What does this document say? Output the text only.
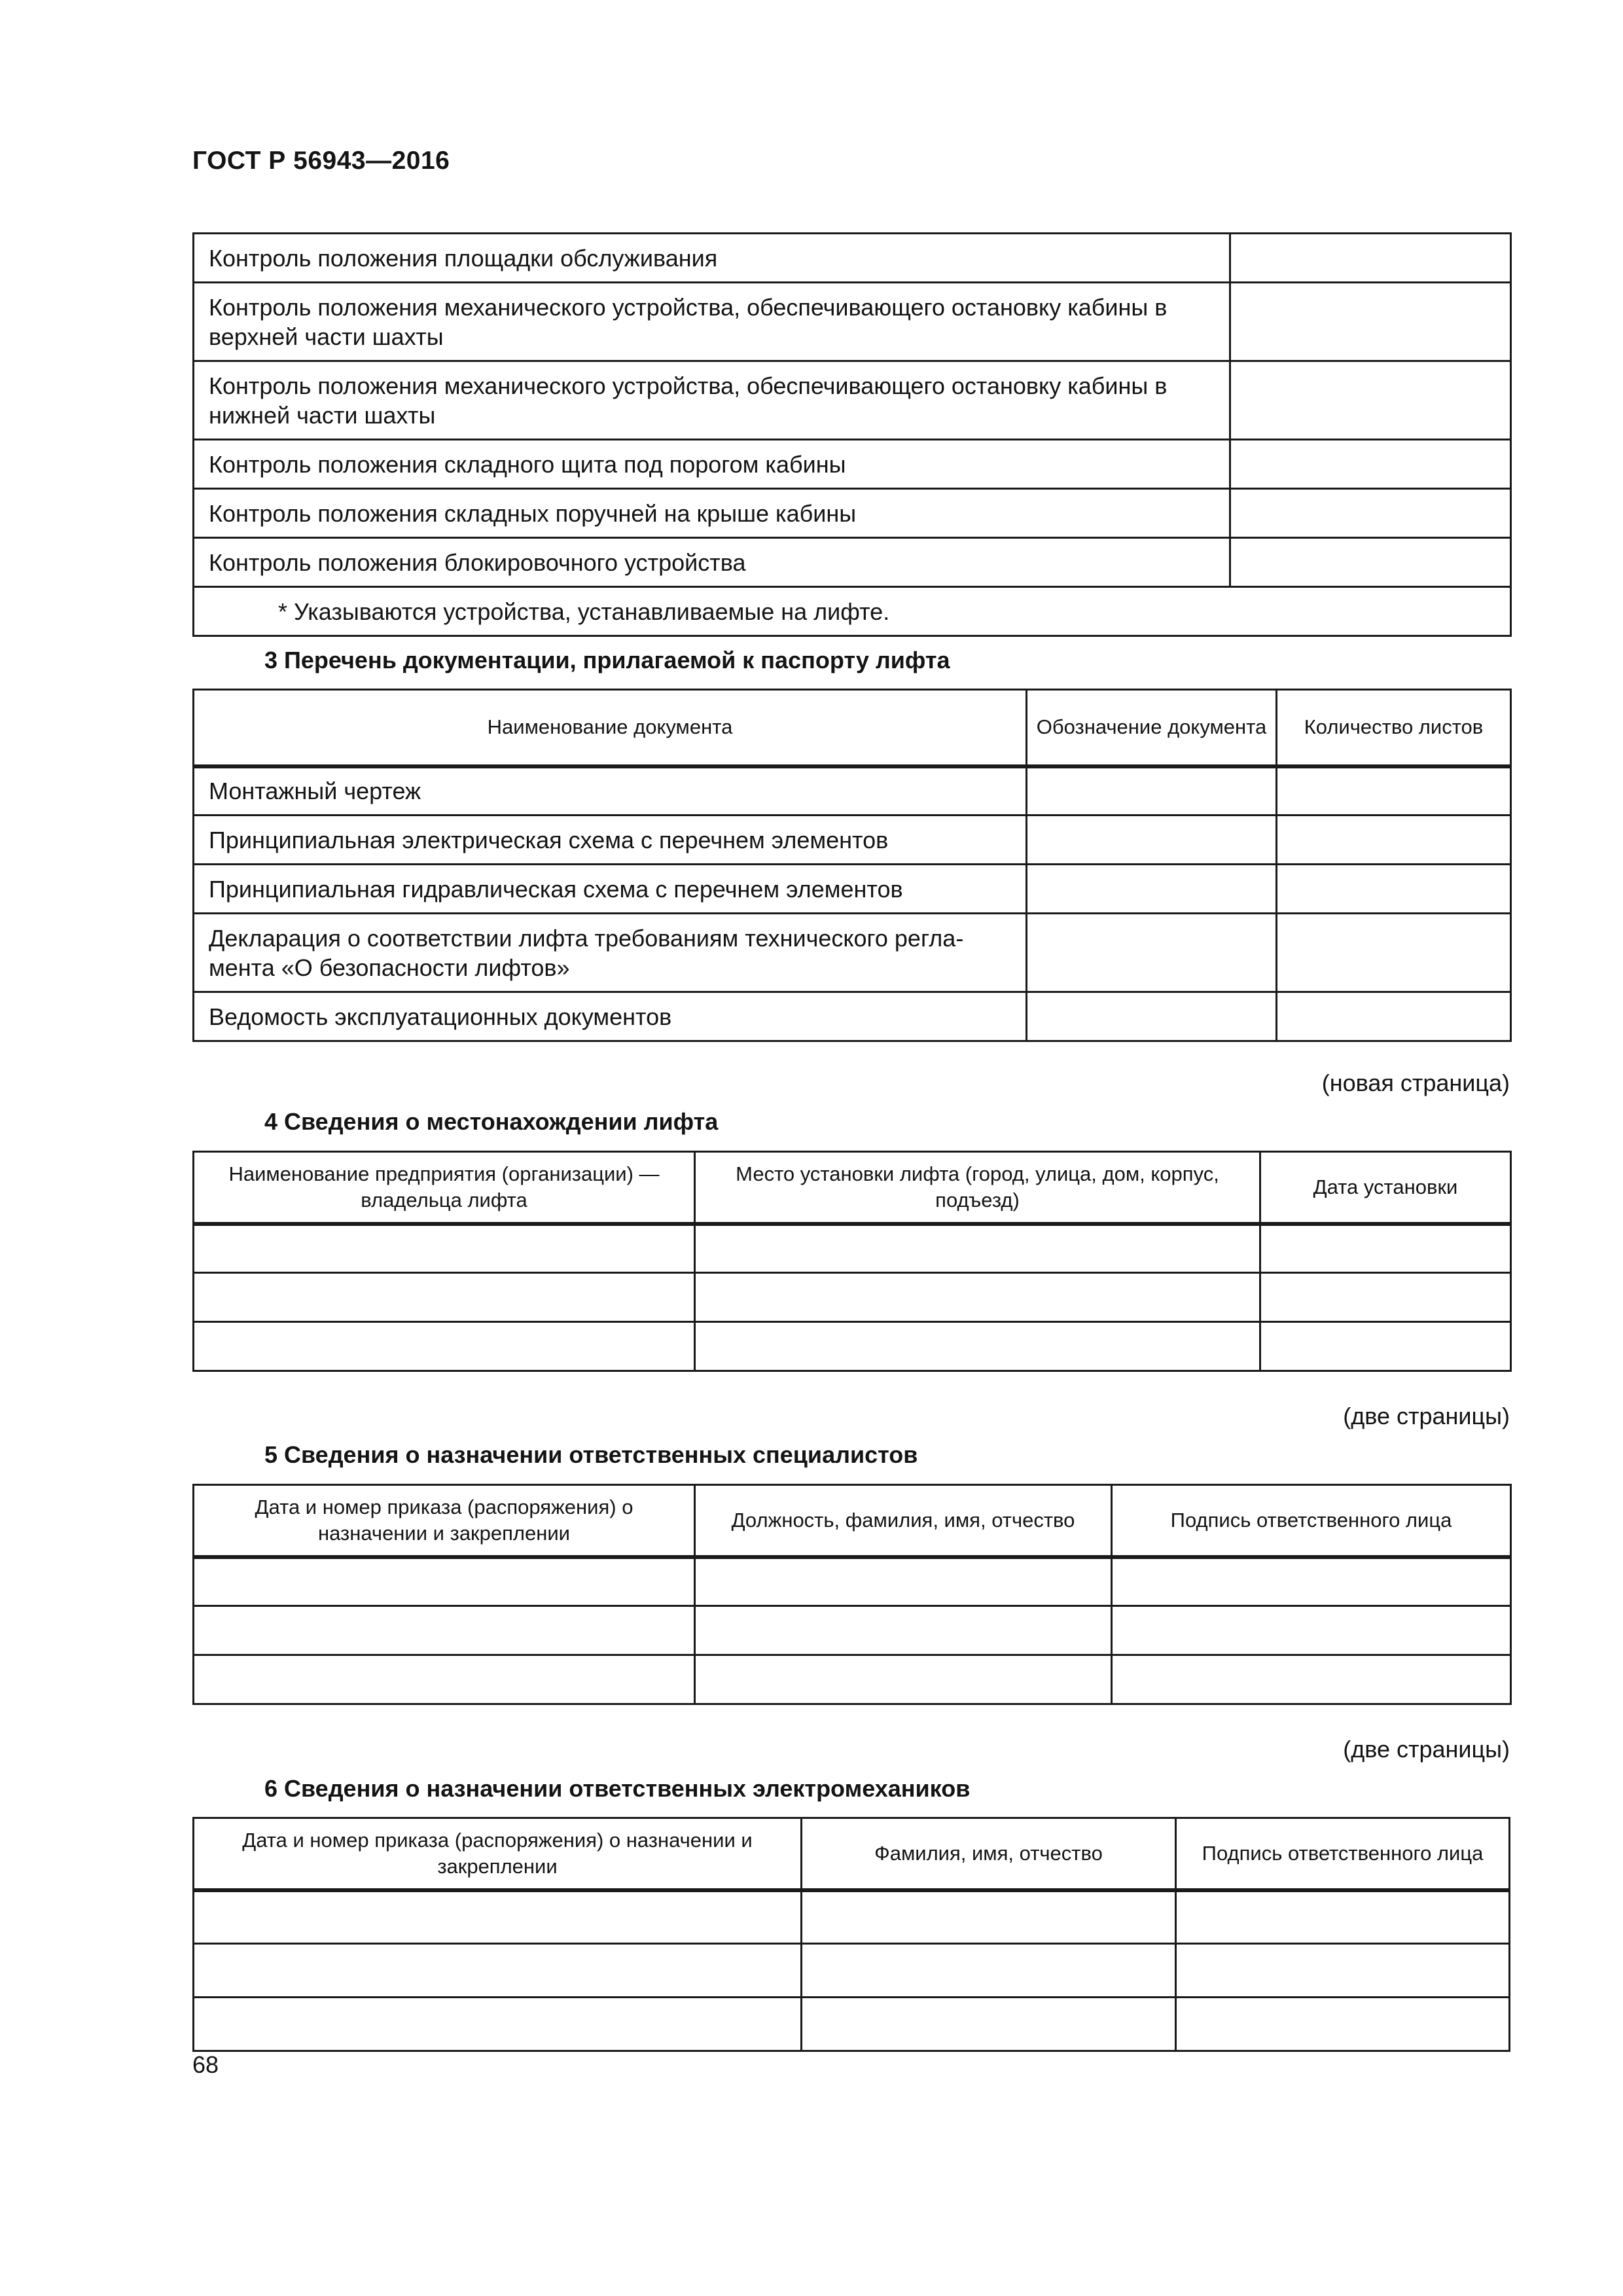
ГОСТ Р 56943—2016
Контроль положения площадки обслуживания	
Контроль положения механического устройства, обеспечивающего остановку кабины в верхней части шахты	
Контроль положения механического устройства, обеспечивающего остановку кабины в нижней части шахты	
Контроль положения складного щита под порогом кабины	
Контроль положения складных поручней на крыше кабины	
Контроль положения блокировочного устройства	
* Указываются устройства, устанавливаемые на лифте.	
3 Перечень документации, прилагаемой к паспорту лифта
Наименование документа	Обозначение документа	Количество листов
Монтажный чертеж		
Принципиальная электрическая схема с перечнем элементов		
Принципиальная гидравлическая схема с перечнем элементов		
Декларация о соответствии лифта требованиям технического регла-мента «О безопасности лифтов»		
Ведомость эксплуатационных документов		
(новая страница)
4 Сведения о местонахождении лифта
Наименование предприятия (организации) — владельца лифта	Место установки лифта (город, улица, дом, корпус, подъезд)	Дата установки

(две страницы)
5 Сведения о назначении ответственных специалистов
Дата и номер приказа (распоряжения) о назначении и закреплении	Должность, фамилия, имя, отчество	Подпись ответственного лица

(две страницы)
6 Сведения о назначении ответственных электромехаников
Дата и номер приказа (распоряжения) о назначении и закреплении	Фамилия, имя, отчество	Подпись ответственного лица

68
